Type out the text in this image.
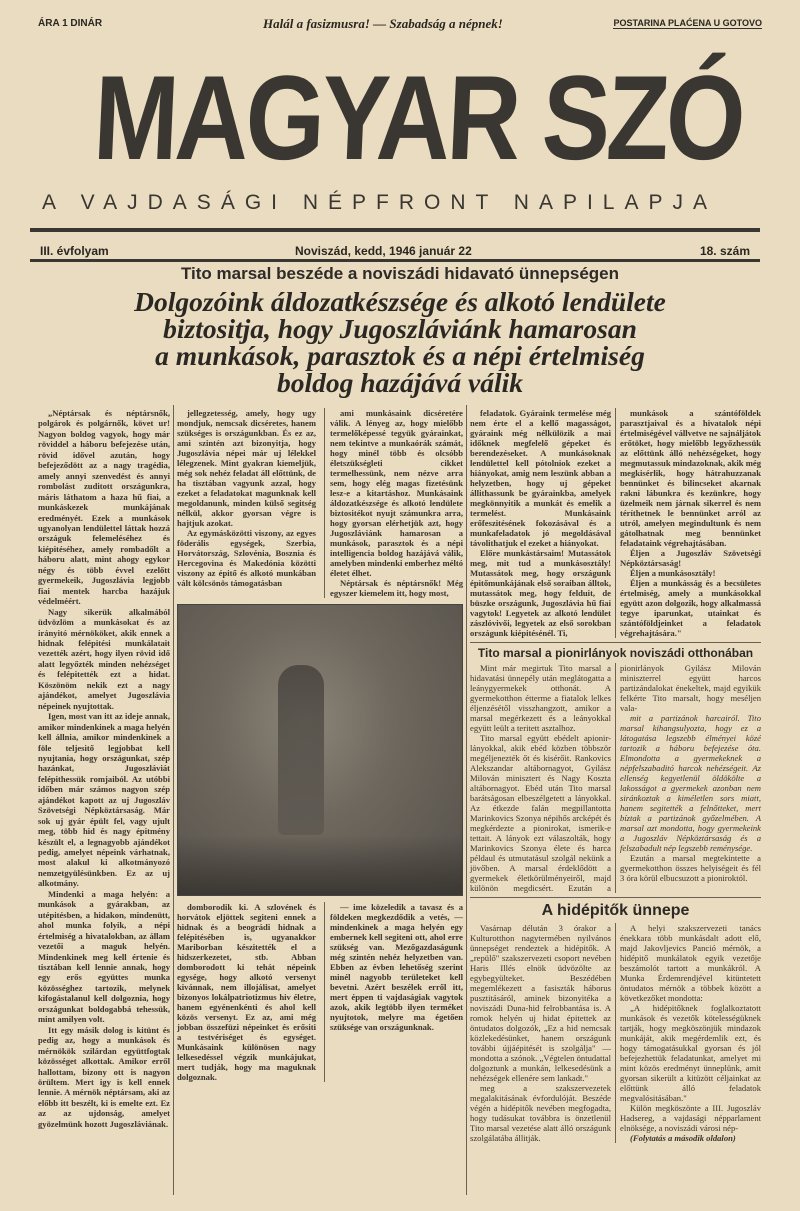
ÁRA 1 DINÁR	Halál a fasizmusra! — Szabadság a népnek!	POSTARINA PLAĆENA U GOTOVO
MAGYAR SZÓ
A VAJDASÁGI NÉPFRONT NAPILAPJA
III. évfolyam	Noviszád, kedd, 1946 január 22	18. szám
Tito marsal beszéde a noviszádi hidavató ünnepségen
Dolgozóink áldozatkészsége és alkotó lendülete
biztositja, hogy Jugoszláviánk hamarosan
a munkások, parasztok és a népi értelmiség
boldog hazájává válik

„Néptársak és néptársnők, polgárok és polgárnők, követ ur! Nagyon boldog vagyok, hogy már röviddel a háboru befejezése után, rövid idővel azután, hogy befejeződött az a nagy tragédia, amely annyi szenvedést és annyi rombolást zuditott országunkra, máris láthatom a haza hű fiai, a munkáskezek munkájának eredményét. Ezek a munkások ugyanolyan lendülettel láttak hozzá országuk felemeléséhez és kiépitéséhez, amely rombadőlt a háboru alatt, mint ahogy egykor négy és több évvel ezelőtt gyermekeik, Jugoszlávia legjobb fiai mentek harcba hazájuk védelméért.

Nagy sikerük alkalmából üdvözlöm a munkásokat és az irányitó mérnököket, akik ennek a hidnak felépitési munkálatait vezették azért, hogy ilyen rövid idő alatt legyőzték minden nehézséget és felépitették ezt a hidat. Köszönöm nekik ezt a nagy ajándékot, amelyet Jugoszlávia népeinek nyujtottak.

Igen, most van itt az ideje annak, amikor mindenkinek a maga helyén kell állnia, amikor mindenkinek a föle teljesitő legjobbat kell nyujtania, hogy országunkat, szép hazánkat, Jugoszláviát felépithessük romjaiból. Az utóbbi időben már számos nagyon szép ajándékot kapott az uj Jugoszláv Szövetségi Népköztársaság. Már sok uj gyár épült fel, vagy ujult meg, több hid és nagy épitmény készült el, a legnagyobb ajándékot pedig, amelyet népeink várhatnak, most alakul ki alkotmányozó nemzetgyülésünkben. Ez az uj alkotmány.

Mindenki a maga helyén: a munkások a gyárakban, az utépitésben, a hidakon, mindenütt, ahol munka folyik, a népi értelmiség a hivatalokban, az állam vezetői a maguk helyén. Mindenkinek meg kell értenie és tisztában kell lennie annak, hogy egy erős együttes munka közösséghez tartozik, melynek kifogástalanul kell dolgoznia, hogy országunkat boldogabbá tehessük, mint amilyen volt.

Itt egy másik dolog is kitünt és pedig az, hogy a munkások és mérnökök szilárdan együttfogtak közösséget alkottak. Amikor erről hallottam, bizony ott is nagyon örültem. Mert igy is kell ennek lennie. A mérnök néptársam, aki az előbb itt beszélt, ki is emelte ezt. Ez az az ujdonság, amelyet gyözelmünk hozott Jugoszláviának.

jellegzetesség, amely, hogy ugy mondjuk, nemcsak dicséretes, hanem szükséges is országunkban. És ez az, ami szintén azt bizonyitja, hogy Jugoszlávia népei már uj lélekkel lélegzenek. Mint gyakran kiemeljük, még sok nehéz feladat áll előttünk, de ha tisztában vagyunk azzal, hogy ezeket a feladatokat magunknak kell megoldanunk, minden külső segitség nélkül, akkor gyorsan végre is hajtjuk azokat.

Az egymásközötti viszony, az egyes föderális egységek, Szerbia, Horvátország, Szlovénia, Bosznia és Hercegovina és Makedónia közötti viszony az épitő és alkotó munkában vált kölcsönös támogatásban

ami munkásaink dicséretére válik. A lényeg az, hogy mielőbb termelőképessé tegyük gyárainkat, nem tekintve a munkaórák számát, hogy minél több és olcsóbb életszükségleti cikket termelhessünk, nem nézve arra sem, hogy elég magas fizetésünk lesz-e a kitartáshoz. Munkásaink áldozatkészsége és alkotó lendülete biztositékot nyujt számunkra arra, hogy gyorsan elérhetjük azt, hogy Jugoszláviánk hamarosan a munkások, parasztok és a népi intelligencia boldog hazájává válik, amelyben mindenki emberhez méltó életet élhet.

Néptársak és néptársnők! Még egyszer kiemelem itt, hogy most,

domborodik ki. A szlovének és horvátok eljöttek segiteni ennek a hidnak és a beográdi hidnak a felépitésében is, ugyanakkor Mariborban készitették el a hidszerkezetet, stb. Abban domborodott ki tehát népeink egysége, hogy alkotó versenyt kivánnak, nem illojálisat, amelyet bizonyos lokálpatriotizmus hiv életre, hanem egyénenkénti és ahol kell közös versenyt. Ez az, ami még jobban összefüzi népeinket és erősiti a testvériséget és egységet. Munkásaink különösen nagy lelkesedéssel végzik munkájukat, mert tudják, hogy ma maguknak dolgoznak.

— ime közeledik a tavasz és a földeken megkezdődik a vetés, — mindenkinek a maga helyén egy embernek kell segiteni ott, ahol erre szükség van. Mezőgazdaságunk még szintén nehéz helyzetben van. Ebben az évben lehetőség szerint minél nagyobb területeket kell bevetni. Azért beszélek erről itt, mert éppen ti vajdaságiak vagytok azok, akik legtöbb ilyen terméket nyujtotok, melyre ma égetően szüksége van országunknak.

feladatok. Gyáraink termelése még nem érte el a kellő magasságot, gyáraink még nélkülözik a mai időknek megfelelő gépeket és berendezéseket. A munkásoknak lendülettel kell pótolniok ezeket a hiányokat, amig nem leszünk abban a helyzetben, hogy uj gépeket állithassunk be gyárainkba, amelyek megkönnyitik a munkát és emelik a termelést. Munkásaink erőfeszitésének fokozásával és a munkafeladatok jó megoldásával távolithatjuk el ezeket a hiányokat.

Előre munkástársaim! Mutassátok meg, mit tud a munkásosztály! Mutassátok meg, hogy országunk épitőmunkájának első soraiban álltok, mutassátok meg, hogy felduit, de büszke országunk, Jugoszlávia hű fiai vagytok! Legyetek az alkotó lendület zászlóvivői, legyetek az első sorokban országunk kiépitésénél. Ti,

munkások a szántóföldek parasztjaival és a hivatalok népi értelmiségével vállvetve ne sajnáljátok erőtöket, hogy mielőbb legyőzhessük az előttünk álló nehézségeket, hogy megmutassuk mindazoknak, akik még megkisérlik, hogy hátrahuzzanak bennünket és bilincseket akarnak rakni lábunkra és kezünkre, hogy üzelmeik nem járnak sikerrel és nem téríthetnek le bennünket arról az utról, amelyen megindultunk és nem gátolhatnak meg bennünket feladataink végrehajtásában.

Éljen a Jugoszláv Szövetségi Népköztársaság!

Éljen a munkásosztály!

Éljen a munkásság és a becsületes értelmiség, amely a munkásokkal együtt azon dolgozik, hogy alkalmassá tegye iparunkat, utainkat és szántóföldjeinket a feladatok végrehajtására."

Tito marsal a pionirlányok noviszádi otthonában

Mint már megirtuk Tito marsal a hidavatási ünnepély után meglátogatta a leánygyermekek otthonát. A gyermekotthon étterme a fiatalok lelkes éljenzésétől visszhangzott, amikor a marsal megérkezett és a leányokkal együtt leült a teritett asztalhoz.

Tito marsal együtt ebédelt apionir-lányokkal, akik ebéd közben többször megéljenezték őt és kisérőit. Rankovics Alekszandar altábornagyot, Gyilász Milován minisztert és Nagy Koszta altábornagyot. Ebéd után Tito marsal barátságosan elbeszélgetett a lányokkal. Az étkezde falán megpillantotta Marinkovics Szonya népihős arcképét és megkérdezte a pionirokat, ismerik-e tettait. A lányok ezt válaszolták, hogy Marinkovics Szonya élete és harca példaul és utmutatásul szolgál nekünk a jövőben. A marsal érdeklődött a gyermekek életkörülményeiről, majd különön megdicsért. Ezután a pionirlányok Gyilász Milován miniszterrel együtt harcos partizándalokat énekeltek, majd egyikük felkérte Tito marsalt, hogy meséljen vala-

mit a partizánok harcairól. Tito marsal kihangsulyozta, hogy ez a látogatása legszebb élményei közé tartozik a háboru befejezése óta. Elmondotta a gyermekeknek a népfelszabaditó harcok nehézségeit. Az ellenség kegyetlenül öldökölte a lakosságot a gyermekek azonban nem siránkoztak a kiméletlen sors miatt, hanem segitették a felnőtteket, mert bíztak a partizánok győzelmében. A marsal azt mondotta, hogy gyermekeink a Jugoszláv Népköztársaság és a felszabadult nép legszebb reménysége.

Ezután a marsal megtekintette a gyermekotthon összes helyiségeit és fél 3 óra körül elbucsuzott a pioniroktól.

A hidépitők ünnepe

Vasárnap délután 3 órakor a Kulturotthon nagytermében nyilvános ünnepséget rendeztek a hidépitők. A „repülő" szakszervezeti csoport nevében Haris Illés elnök üdvözölte az egybegyülteket. Beszédében megemlékezett a fasiszták háborus pusztitásáról, aminek bizonyitéka a noviszádi Duna-hid felrobbantása is. A romok helyén uj hidat épitettek az öntudatos dolgozók, „Ez a hid nemcsak közlekedésünket, hanem országunk további újjáépitését is szolgálja" — mondotta a szónok. „Végtelen öntudattal dolgoztunk a munkán, lelkesedésünk a nehézségek ellenére sem lankadt."

meg a szakszervezetek megalakitásának évfordulóját. Beszéde végén a hidépitők nevében megfogadta, hogy tudásukat továbbra is önzetlenül Tito marsal vezetése alatt álló országunk szolgálatába állitják.

A helyi szakszervezeti tanács énekkara több munkásdalt adott elő, majd Jakovljevics Panció mérnök, a hidépitő munkálatok egyik vezetője beszámolót tartott a munkákról. A Munka Érdemrendjével kitüntetett öntudatos mérnök a többek között a következőket mondotta:

„A hidépitőknek foglalkoztatott munkások és vezetők kötelességüknek tartják, hogy megköszönjük mindazok munkáját, akik megérdemlik ezt, és hogy támogatásukkal gyorsan és jól befejezhettük feladatunkat, amelyet mi mint közös eredményt ünneplünk, amit gyorsan sikerült a kitüzött céljainkat az előttünk álló feladatok megvalósitásában."

Külön megköszönte a III. Jugoszláv Hadsereg, a vajdasági népparlament elnöksége, a noviszádi városi nép-

(Folytatás a második oldalon)
